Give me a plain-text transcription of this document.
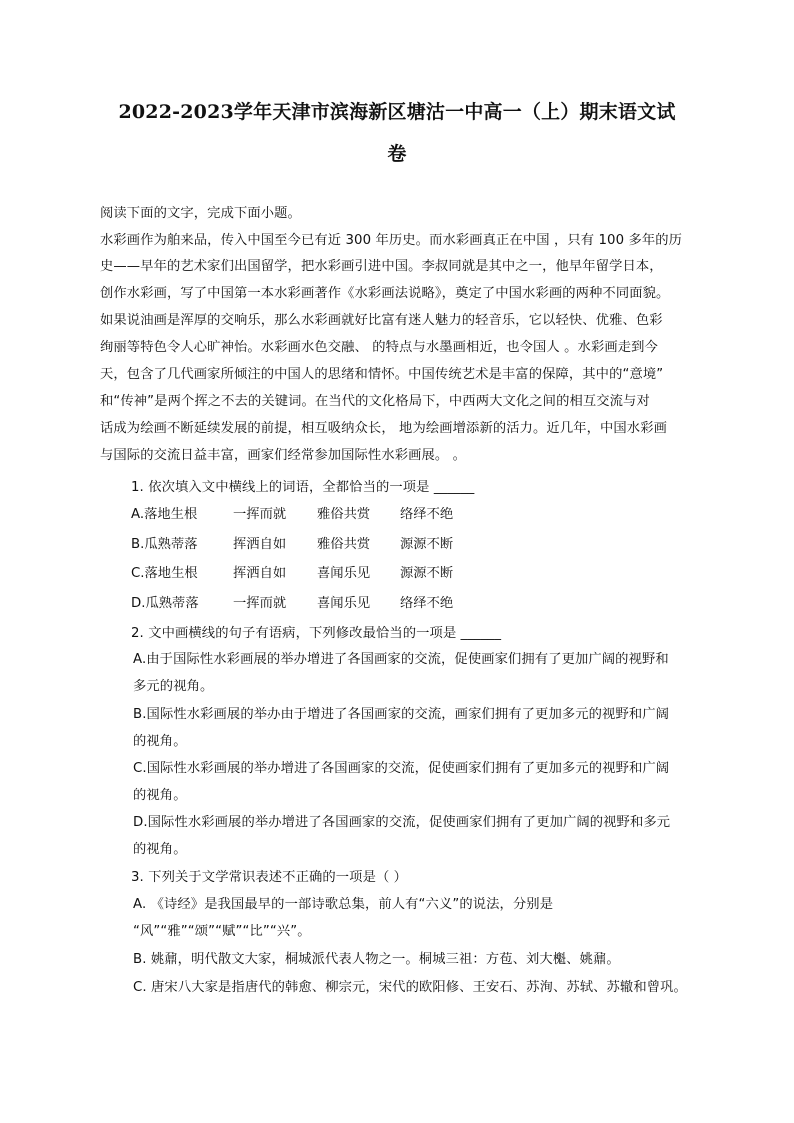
2022-2023学年天津市滨海新区塘沽一中高一（上）期末语文试
卷
阅读下面的文字，完成下面小题。
水彩画作为舶来品，传入中国至今已有近 300 年历史。而水彩画真正在中国 ，只有 100 多年的历
史——早年的艺术家们出国留学，把水彩画引进中国。李叔同就是其中之一，他早年留学日本，
创作水彩画，写了中国第一本水彩画著作《水彩画法说略》，奠定了中国水彩画的两种不同面貌。
如果说油画是浑厚的交响乐，那么水彩画就好比富有迷人魅力的轻音乐，它以轻快、优雅、色彩
绚丽等特色令人心旷神怡。水彩画水色交融、 的特点与水墨画相近，也令国人 。水彩画走到今
天，包含了几代画家所倾注的中国人的思绪和情怀。中国传统艺术是丰富的保障，其中的“意境”
和“传神”是两个挥之不去的关键词。在当代的文化格局下，中西两大文化之间的相互交流与对
话成为绘画不断延续发展的前提，相互吸纳众长， 地为绘画增添新的活力。近几年，中国水彩画
与国际的交流日益丰富，画家们经常参加国际性水彩画展。 。
1. 依次填入文中横线上的词语，全都恰当的一项是 ______
A.落地生根	一挥而就 雅俗共赏 络绎不绝
B.瓜熟蒂落	挥洒自如 雅俗共赏 源源不断
C.落地生根	挥洒自如 喜闻乐见 源源不断
D.瓜熟蒂落	一挥而就 喜闻乐见 络绎不绝
2. 文中画横线的句子有语病，下列修改最恰当的一项是 ______
A.由于国际性水彩画展的举办增进了各国画家的交流，促使画家们拥有了更加广阔的视野和
多元的视角。
B.国际性水彩画展的举办由于增进了各国画家的交流，画家们拥有了更加多元的视野和广阔
的视角。
C.国际性水彩画展的举办增进了各国画家的交流，促使画家们拥有了更加多元的视野和广阔
的视角。
D.国际性水彩画展的举办增进了各国画家的交流，促使画家们拥有了更加广阔的视野和多元
的视角。
3. 下列关于文学常识表述不正确的一项是（ ）
A. 《诗经》是我国最早的一部诗歌总集，前人有“六义”的说法，分别是
“风”“雅”“颂”“赋”“比”“兴”。
B. 姚鼐，明代散文大家，桐城派代表人物之一。桐城三祖：方苞、刘大櫆、姚鼐。
C. 唐宋八大家是指唐代的韩愈、柳宗元，宋代的欧阳修、王安石、苏洵、苏轼、苏辙和曾巩。
